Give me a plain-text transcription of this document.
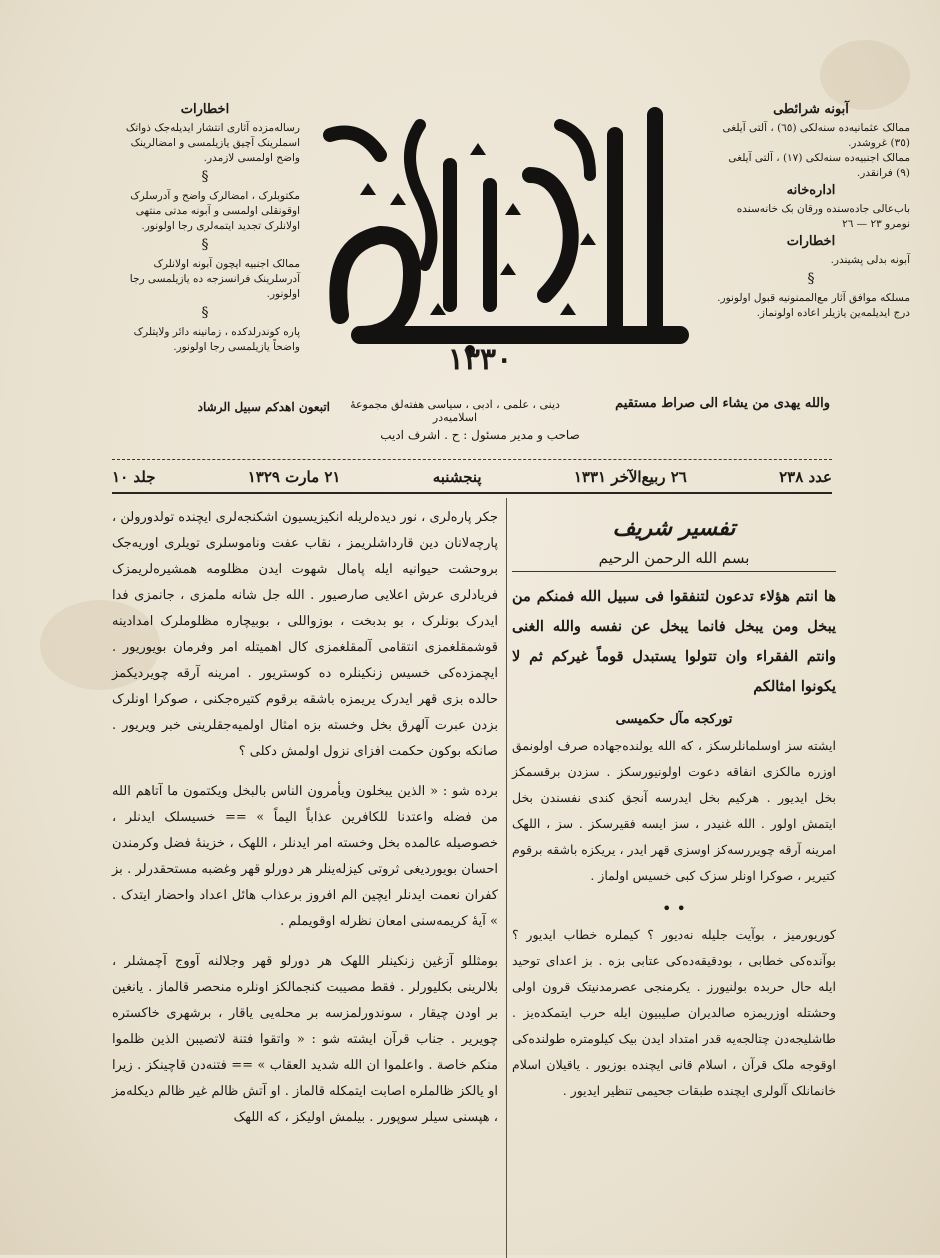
اخطارات
رساله‌مزده آثاری انتشار ایدیله‌جک ذواتک اسملرینک آچیق یازیلمسی و امضالرینک واضح اولمسی لازمدر.
§
مکتوبلرک ، امضالرک واضح و آدرسلرک اوقونقلی اولمسی و آبونه مدتی منتهی اولانلرک تجدید ایتمه‌لری رجا اولونور.
§
ممالک اجنبیه ایچون آبونه اولانلرک آدرسلرینک فرانسزجه ده یازیلمسی رجا اولونور.
§
پاره کوندرلدکده ، زمانینه دائر ولایتلرک واضحاً یازیلمسی رجا اولونور.
آبونه شرائطی
ممالک عثمانیه‌ده سنه‌لکی (٦٥) ، آلتی آیلغی (٣٥) غروشدر.
ممالک اجنبیه‌ده سنه‌لکی (١٧) ، آلتی آیلغی (٩) فرانقدر.
اداره‌خانه
باب‌عالی جاده‌سنده ورقان بک خانه‌سنده نومرو ٢٣ — ٢٦
اخطارات
آبونه بدلی پشیندر.
§
مسلکه موافق آثار مع‌الممنونیه قبول اولونور. درج ایدیلمه‌ین یازیلر اعاده اولونماز.
١٣٣٠
اتبعون اهدکم سبیل الرشاد	دینی ، علمی ، ادبی ، سیاسی هفته‌لق مجموعهٔ اسلامیه‌در
والله یهدی من یشاء الی صراط مستقیم
صاحب و مدیر مسئول : ح . اشرف ادیب
عدد ٢٣٨
٢٦ ربیع‌الآخر ١٣٣١
پنجشنبه
٢١ مارت ١٣٢٩
جلد ١٠
تفسیر شریف
بسم الله الرحمن الرحیم
ها انتم هؤلاء تدعون لتنفقوا فی سبیل الله فمنکم من یبخل ومن یبخل فانما یبخل عن نفسه والله الغنی وانتم الفقراء وان تتولوا یستبدل قوماً غیرکم ثم لا یکونوا امثالکم
تورکجه مآل حکمیسی

ایشته سز اوسلمانلرسکز ، که الله یولنده‌جهاده صرف اولونمق اوزره مالکزی انفاقه دعوت اولونیورسکز . سزدن برقسمکز بخل ایدیور . هرکیم بخل ایدرسه آنجق کندی نفسندن بخل ایتمش اولور . الله غنیدر ، سز ایسه فقیرسکز . سز ، اللهک امرینه آرقه چویررسه‌کز اوسزی قهر ایدر ، یریکزه باشقه برقوم کتیریر ، صوکرا اونلر سزک کبی خسیس اولماز .

• •

کوریورمیز ، بوآیت جلیله نه‌دیور ؟ کیملره خطاب ایدیور ؟ بوآنده‌کی خطابی ، بودقیقه‌ده‌کی عتابی بزه . بز اعدای توحید ایله حال حربده بولنیورز . یکرمنجی عصرمدنیتک قرون اولی وحشتله اوزریمزه صالدیران صلیبیون ایله حرب ایتمکده‌یز . طاشلیجه‌دن چتالجه‌یه قدر امتداد ایدن بیک کیلومتره طولنده‌کی اوقوجه ملک قرآن ، اسلام قانی ایچنده بوزیور . یاقیلان اسلام خانمانلک آلولری ایچنده طبقات جحیمی تنظیر ایدیور .

جکر پاره‌لری ، نور دیده‌لریله انکیزیسیون اشکنجه‌لری ایچنده تولدورولن ، پارچه‌لانان دین قارداشلریمز ، نقاب عفت وناموسلری تویلری اوریه‌جک بروحشت حیوانیه ایله پامال شهوت ایدن مظلومه همشیره‌لریمزک فریادلری عرش اعلایی صارصیور . الله جل شانه ملمزی ، جانمزی فدا ایدرک بونلرک ، بو بدبخت ، بوزواللی ، بوبیچاره مظلوملرک امدادینه قوشمقلغمزی انتقامی آلمقلغمزی کال اهمیتله امر وفرمان بویوریور . ایچمزده‌کی خسیس زنکینلره ده کوستریور . امرینه آرقه چویردیکمز حالده بزی قهر ایدرک یریمزه باشقه برقوم کتیره‌جکنی ، صوکرا اونلرک بزدن عبرت آلهرق بخل وخسته بزه امثال اولمیه‌جقلرینی خبر ویریور . صانکه بوکون حکمت افزای نزول اولمش دکلی ؟

برده شو : « الذین یبخلون ویأمرون الناس بالبخل ویکتمون ما آتاهم الله من فضله واعتدنا للکافرین عذاباً الیماً » == خسیسلک ایدنلر ، خصوصیله عالمده بخل وخسته امر ایدنلر ، اللهک ، خزینهٔ فضل وکرمندن احسان بویوردیغی ثروتی کیزله‌ینلر هر دورلو قهر وغضبه مستحقدرلر . بز کفران نعمت ایدنلر ایچین الم افروز برعذاب هائل اعداد واحضار ایتدک . » آیهٔ کریمه‌سنی امعان نظرله اوقویملم .

بومثللو آزغین زنکینلر اللهک هر دورلو قهر وجلالنه آووج آچمشلر ، بلالرینی بکلیورلر . فقط مصیبت کنجمالکز اونلره منحصر قالماز . یانغین بر اودن چیقار ، سوندورلمزسه بر محله‌یی یاقار ، برشهری خاکستره چویریر . جناب قرآن ایشته شو : « واتقوا فتنة لاتصیبن الذین ظلموا منکم خاصة . واعلموا ان الله شدید العقاب » == فتنه‌دن قاچینکز . زیرا او یالکز ظالملره اصابت ایتمکله قالماز . او آتش ظالم غیر ظالم دیکله‌مز ، هپسنی سیلر سوپورر . بیلمش اولیکز ، که اللهک
